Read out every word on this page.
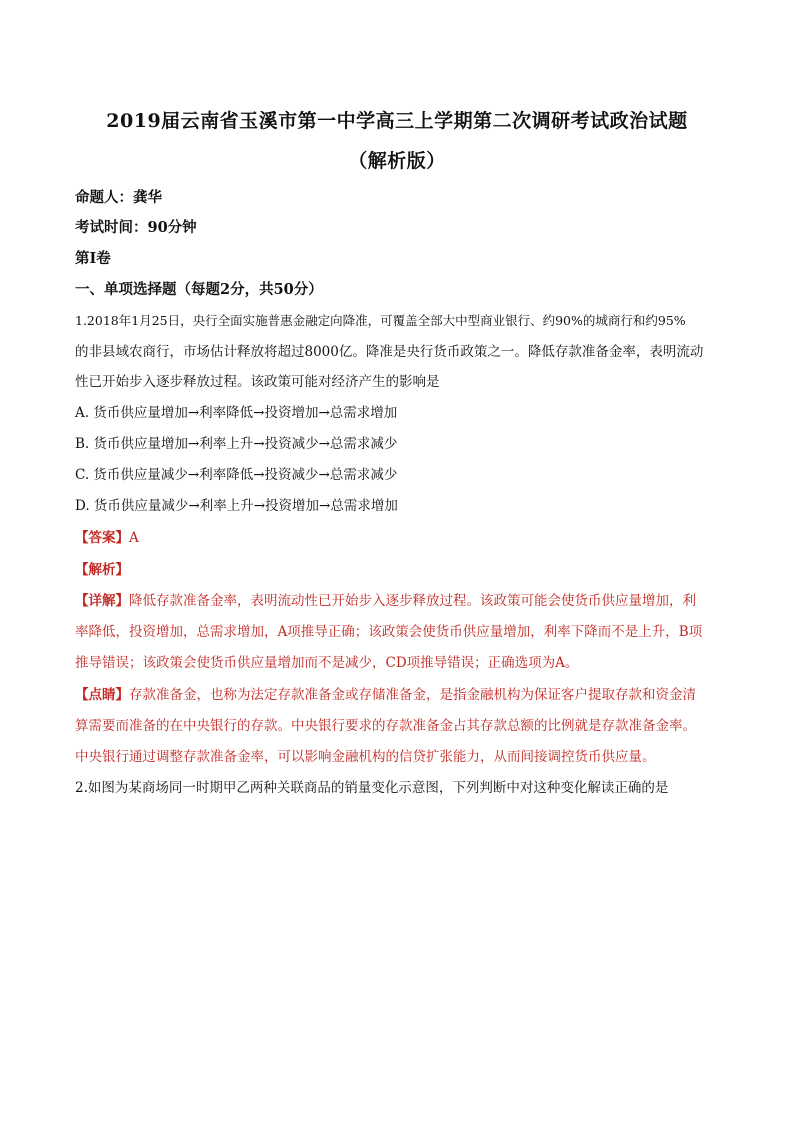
2019届云南省玉溪市第一中学高三上学期第二次调研考试政治试题
（解析版）
命题人：龚华
考试时间：90分钟
第Ⅰ卷
一、单项选择题（每题2分，共50分）
1.2018年1月25日，央行全面实施普惠金融定向降准，可覆盖全部大中型商业银行、约90%的城商行和约95%
的非县域农商行，市场估计释放将超过8000亿。降准是央行货币政策之一。降低存款准备金率，表明流动
性已开始步入逐步释放过程。该政策可能对经济产生的影响是
A. 货币供应量增加→利率降低→投资增加→总需求增加
B. 货币供应量增加→利率上升→投资减少→总需求减少
C. 货币供应量减少→利率降低→投资减少→总需求减少
D. 货币供应量减少→利率上升→投资增加→总需求增加
【答案】A
【解析】
【详解】降低存款准备金率，表明流动性已开始步入逐步释放过程。该政策可能会使货币供应量增加，利
率降低，投资增加，总需求增加，A项推导正确；该政策会使货币供应量增加，利率下降而不是上升，B项
推导错误；该政策会使货币供应量增加而不是减少，CD项推导错误；正确选项为A。
【点睛】存款准备金，也称为法定存款准备金或存储准备金，是指金融机构为保证客户提取存款和资金清
算需要而准备的在中央银行的存款。中央银行要求的存款准备金占其存款总额的比例就是存款准备金率。
中央银行通过调整存款准备金率，可以影响金融机构的信贷扩张能力，从而间接调控货币供应量。
2.如图为某商场同一时期甲乙两种关联商品的销量变化示意图，下列判断中对这种变化解读正确的是
